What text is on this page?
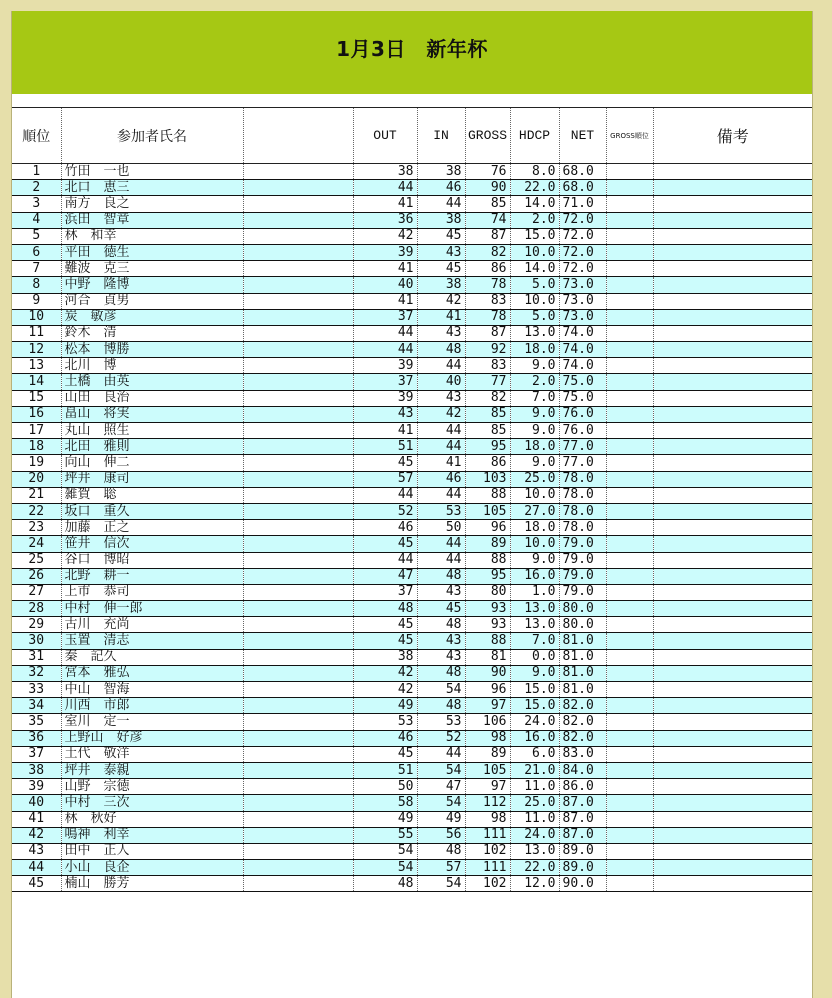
1月3日　新年杯
順位	参加者氏名		OUT	IN	GROSS	HDCP	NET	GROSS順位	備考
1	竹田　一也		38	38	76	8.0	68.0		
2	北口　恵三		44	46	90	22.0	68.0		
3	南方　良之		41	44	85	14.0	71.0		
4	浜田　智章		36	38	74	2.0	72.0		
5	林　和幸		42	45	87	15.0	72.0		
6	平田　徳生		39	43	82	10.0	72.0		
7	難波　克三		41	45	86	14.0	72.0		
8	中野　隆博		40	38	78	5.0	73.0		
9	河合　貞男		41	42	83	10.0	73.0		
10	炭　敏彦		37	41	78	5.0	73.0		
11	鈴木　清		44	43	87	13.0	74.0		
12	松本　博勝		44	48	92	18.0	74.0		
13	北川　博		39	44	83	9.0	74.0		
14	土橋　由英		37	40	77	2.0	75.0		
15	山田　良治		39	43	82	7.0	75.0		
16	畠山　将実		43	42	85	9.0	76.0		
17	丸山　照生		41	44	85	9.0	76.0		
18	北田　雅則		51	44	95	18.0	77.0		
19	向山　伸二		45	41	86	9.0	77.0		
20	坪井　康司		57	46	103	25.0	78.0		
21	雑賀　聡		44	44	88	10.0	78.0		
22	坂口　重久		52	53	105	27.0	78.0		
23	加藤　正之		46	50	96	18.0	78.0		
24	笹井　信次		45	44	89	10.0	79.0		
25	谷口　博昭		44	44	88	9.0	79.0		
26	北野　耕一		47	48	95	16.0	79.0		
27	上市　恭司		37	43	80	1.0	79.0		
28	中村　伸一郎		48	45	93	13.0	80.0		
29	古川　充尚		45	48	93	13.0	80.0		
30	玉置　清志		45	43	88	7.0	81.0		
31	秦　記久		38	43	81	0.0	81.0		
32	宮本　雅弘		42	48	90	9.0	81.0		
33	中山　智海		42	54	96	15.0	81.0		
34	川西　市郎		49	48	97	15.0	82.0		
35	室川　定一		53	53	106	24.0	82.0		
36	上野山　好彦		46	52	98	16.0	82.0		
37	土代　敬洋		45	44	89	6.0	83.0		
38	坪井　泰親		51	54	105	21.0	84.0		
39	山野　宗徳		50	47	97	11.0	86.0		
40	中村　三次		58	54	112	25.0	87.0		
41	林　秋好		49	49	98	11.0	87.0		
42	鳴神　利幸		55	56	111	24.0	87.0		
43	田中　正人		54	48	102	13.0	89.0		
44	小山　良企		54	57	111	22.0	89.0		
45	楠山　勝芳		48	54	102	12.0	90.0		
